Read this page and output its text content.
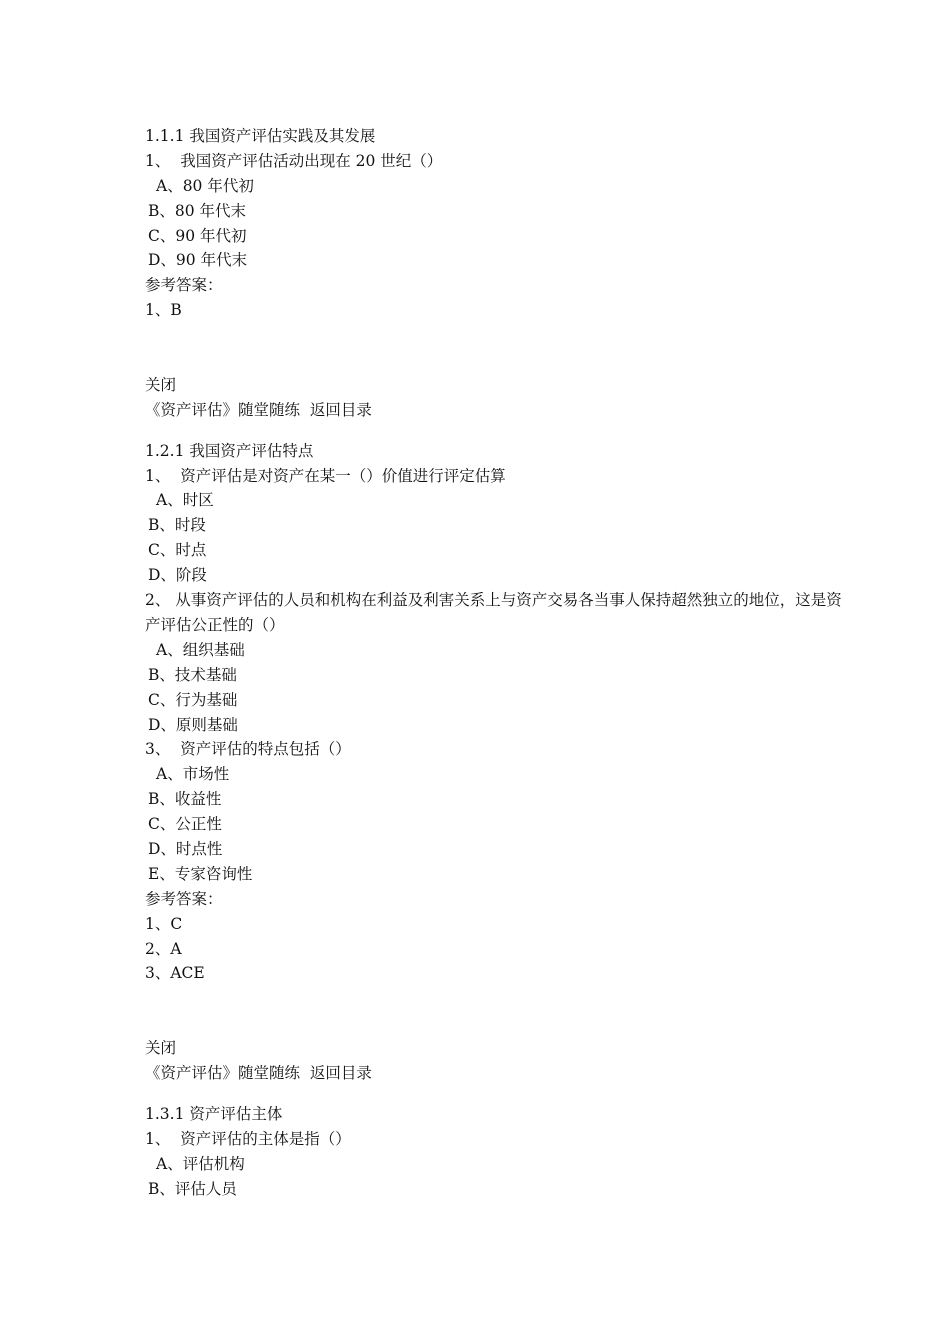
1.1.1 我国资产评估实践及其发展
1、  我国资产评估活动出现在 20 世纪（）
A、80 年代初
B、80 年代末
C、90 年代初
D、90 年代末
参考答案：
1、B
关闭
《资产评估》随堂随练  返回目录
1.2.1 我国资产评估特点
1、  资产评估是对资产在某一（）价值进行评定估算
A、时区
B、时段
C、时点
D、阶段
2、 从事资产评估的人员和机构在利益及利害关系上与资产交易各当事人保持超然独立的地位，这是资产评估公正性的（）
A、组织基础
B、技术基础
C、行为基础
D、原则基础
3、  资产评估的特点包括（）
A、市场性
B、收益性
C、公正性
D、时点性
E、专家咨询性
参考答案：
1、C
2、A
3、ACE
关闭
《资产评估》随堂随练  返回目录
1.3.1 资产评估主体
1、  资产评估的主体是指（）
A、评估机构
B、评估人员
